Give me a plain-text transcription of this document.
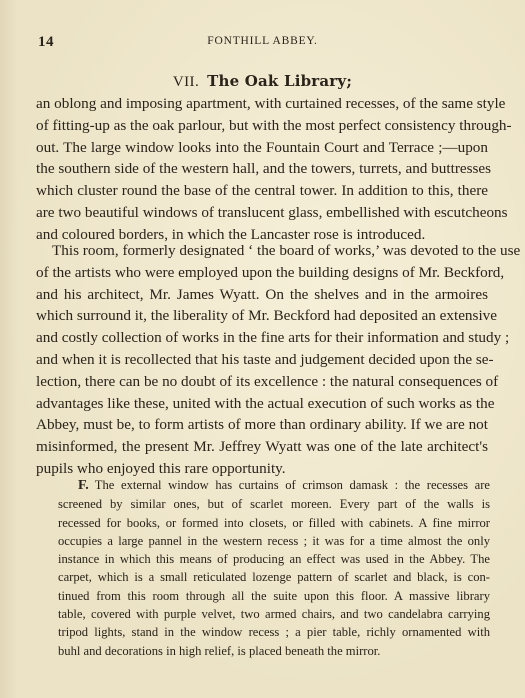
14	FONTHILL ABBEY.
VII. The Oak Library;
an oblong and imposing apartment, with curtained recesses, of the same style
of fitting-up as the oak parlour, but with the most perfect consistency through-
out. The large window looks into the Fountain Court and Terrace ;—upon
the southern side of the western hall, and the towers, turrets, and buttresses
which cluster round the base of the central tower. In addition to this, there
are two beautiful windows of translucent glass, embellished with escutcheons
and coloured borders, in which the Lancaster rose is introduced.
This room, formerly designated ‘ the board of works,’ was devoted to the use
of the artists who were employed upon the building designs of Mr. Beckford,
and his architect, Mr. James Wyatt. On the shelves and in the armoires
which surround it, the liberality of Mr. Beckford had deposited an extensive
and costly collection of works in the fine arts for their information and study ;
and when it is recollected that his taste and judgement decided upon the se-
lection, there can be no doubt of its excellence : the natural consequences of
advantages like these, united with the actual execution of such works as the
Abbey, must be, to form artists of more than ordinary ability. If we are not
misinformed, the present Mr. Jeffrey Wyatt was one of the late architect's
pupils who enjoyed this rare opportunity.
F. The external window has curtains of crimson damask : the recesses are
screened by similar ones, but of scarlet moreen. Every part of the walls is
recessed for books, or formed into closets, or filled with cabinets. A fine mirror
occupies a large pannel in the western recess ; it was for a time almost the only
instance in which this means of producing an effect was used in the Abbey. The
carpet, which is a small reticulated lozenge pattern of scarlet and black, is con-
tinued from this room through all the suite upon this floor. A massive library
table, covered with purple velvet, two armed chairs, and two candelabra carrying
tripod lights, stand in the window recess ; a pier table, richly ornamented with
buhl and decorations in high relief, is placed beneath the mirror.
